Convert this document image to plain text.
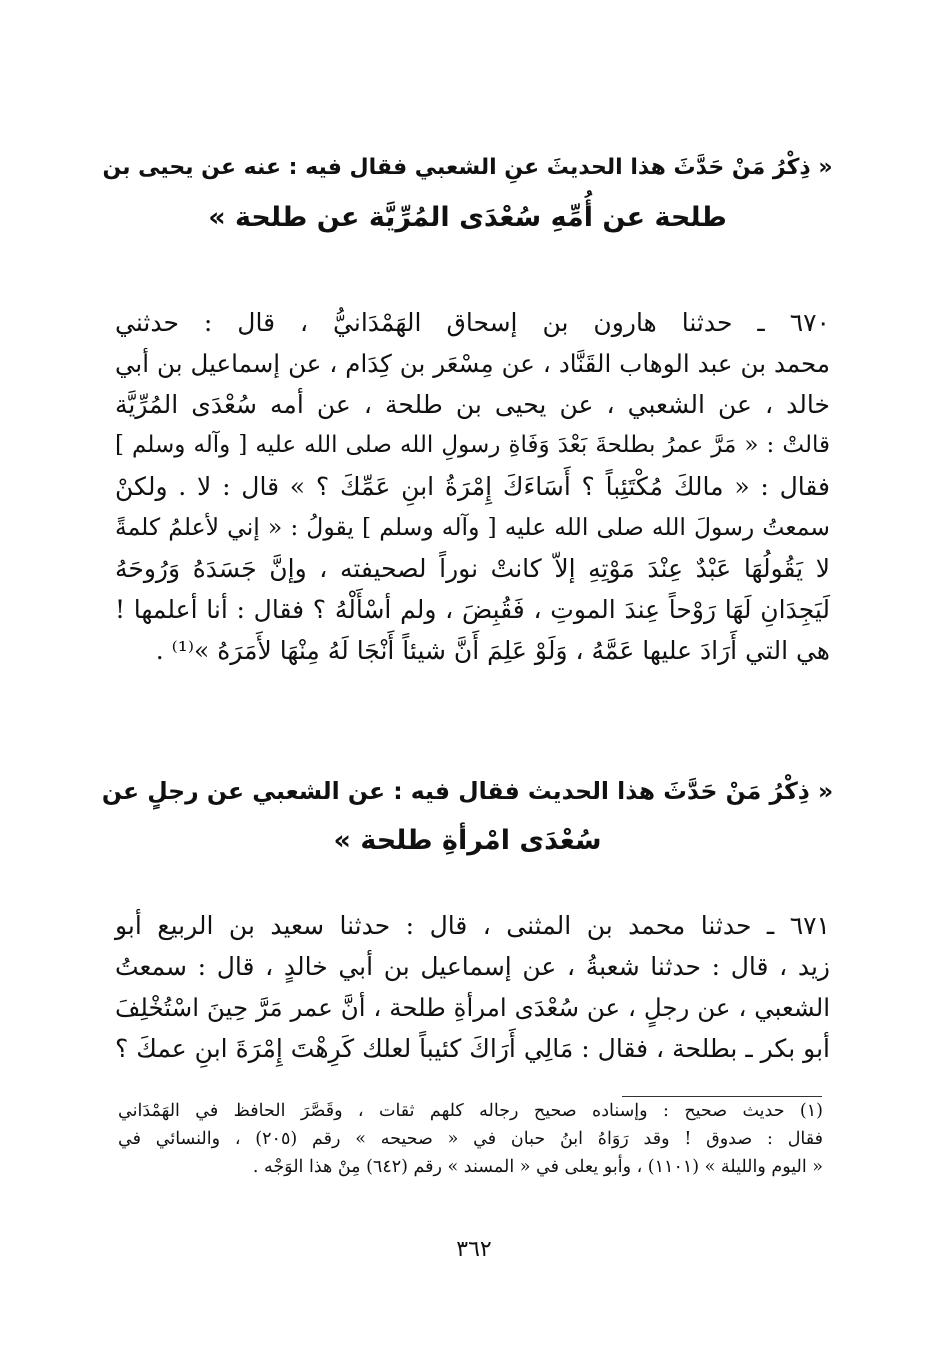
« ذِكْرُ مَنْ حَدَّثَ هذا الحديثَ عنِ الشعبي فقال فيه : عنه عن يحيى بن
طلحة عن أُمِّهِ سُعْدَى المُرِّيَّة عن طلحة »
٦٧٠ ـ حدثنا هارون بن إسحاق الهَمْدَانيُّ ، قال : حدثني
محمد بن عبد الوهاب القَنَّاد ، عن مِسْعَر بن كِدَام ، عن إسماعيل بن أبي
خالد ، عن الشعبي ، عن يحيى بن طلحة ، عن أمه سُعْدَى المُرِّيَّة
قالتْ : « مَرَّ عمرُ بطلحةَ بَعْدَ وَفَاةِ رسولِ الله صلى الله عليه [ وآله وسلم ]
فقال : « مالكَ مُكْتَئِباً ؟ أَسَاءَكَ إِمْرَةُ ابنِ عَمِّكَ ؟ » قال : لا . ولكنْ
سمعتُ رسولَ الله صلى الله عليه [ وآله وسلم ] يقولُ : « إني لأعلمُ كلمةً
لا يَقُولُهَا عَبْدٌ عِنْدَ مَوْتِهِ إلاّ كانتْ نوراً لصحيفته ، وإنَّ جَسَدَهُ وَرُوحَهُ
لَيَجِدَانِ لَهَا رَوْحاً عِندَ الموتِ ، فَقُبِضَ ، ولم أسْأَلْهُ ؟ فقال : أنا أعلمها !
هي التي أَرَادَ عليها عَمَّهُ ، وَلَوْ عَلِمَ أَنَّ شيئاً أَنْجَا لَهُ مِنْهَا لأَمَرَهُ »⁽¹⁾ .
« ذِكْرُ مَنْ حَدَّثَ هذا الحديث فقال فيه : عن الشعبي عن رجلٍ عن
سُعْدَى امْرأةِ طلحة »
٦٧١ ـ حدثنا محمد بن المثنى ، قال : حدثنا سعيد بن الربيع أبو
زيد ، قال : حدثنا شعبةُ ، عن إسماعيل بن أبي خالدٍ ، قال : سمعتُ
الشعبي ، عن رجلٍ ، عن سُعْدَى امرأةِ طلحة ، أنَّ عمر مَرَّ حِينَ اسْتُخْلِفَ
أبو بكر ـ بطلحة ، فقال : مَالِي أَرَاكَ كئيباً لعلك كَرِهْتَ إِمْرَةَ ابنِ عمكَ ؟
(١) حديث صحيح : وإسناده صحيح رجاله كلهم ثقات ، وقَصَّرَ الحافظ في الهَمْدَاني
فقال : صدوق ! وقد رَوَاهُ ابنُ حبان في « صحيحه » رقم (٢٠٥) ، والنسائي في
« اليوم والليلة » (١١٠١) ، وأبو يعلى في « المسند » رقم (٦٤٢) مِنْ هذا الوَجْه .
٣٦٢
